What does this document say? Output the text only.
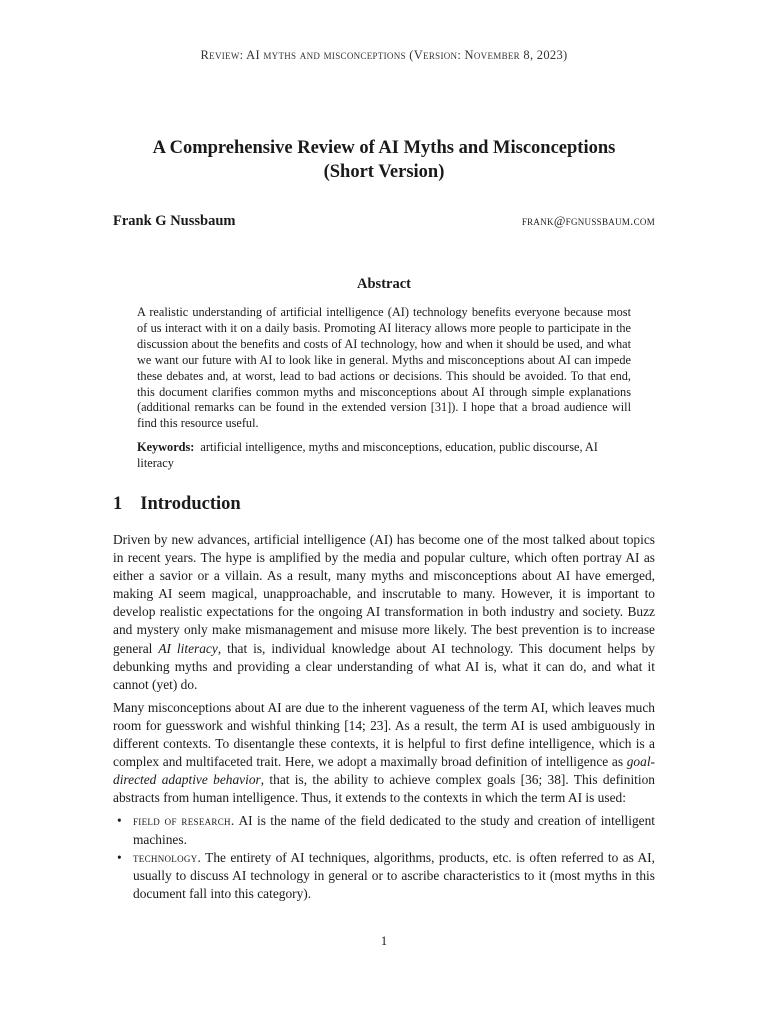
Review: AI myths and misconceptions (Version: November 8, 2023)
A Comprehensive Review of AI Myths and Misconceptions
(Short Version)
Frank G Nussbaum	frank@fgnussbaum.com
Abstract
A realistic understanding of artificial intelligence (AI) technology benefits everyone because most of us interact with it on a daily basis. Promoting AI literacy allows more people to participate in the discussion about the benefits and costs of AI technology, how and when it should be used, and what we want our future with AI to look like in general. Myths and misconceptions about AI can impede these debates and, at worst, lead to bad actions or decisions. This should be avoided. To that end, this document clarifies common myths and misconceptions about AI through simple explanations (additional remarks can be found in the extended version [31]). I hope that a broad audience will find this resource useful.
Keywords: artificial intelligence, myths and misconceptions, education, public discourse, AI literacy
1 Introduction

Driven by new advances, artificial intelligence (AI) has become one of the most talked about topics in recent years. The hype is amplified by the media and popular culture, which often portray AI as either a savior or a villain. As a result, many myths and misconceptions about AI have emerged, making AI seem magical, unapproachable, and inscrutable to many. However, it is important to develop realistic expectations for the ongoing AI transformation in both industry and society. Buzz and mystery only make mismanagement and misuse more likely. The best prevention is to increase general AI literacy, that is, individual knowledge about AI technology. This document helps by debunking myths and providing a clear understanding of what AI is, what it can do, and what it cannot (yet) do.

Many misconceptions about AI are due to the inherent vagueness of the term AI, which leaves much room for guesswork and wishful thinking [14; 23]. As a result, the term AI is used ambiguously in different contexts. To disentangle these contexts, it is helpful to first define intelligence, which is a complex and multifaceted trait. Here, we adopt a maximally broad definition of intelligence as goal-directed adaptive behavior, that is, the ability to achieve complex goals [36; 38]. This definition abstracts from human intelligence. Thus, it extends to the contexts in which the term AI is used:

• field of research. AI is the name of the field dedicated to the study and creation of intelligent machines.
• technology. The entirety of AI techniques, algorithms, products, etc. is often referred to as AI, usually to discuss AI technology in general or to ascribe characteristics to it (most myths in this document fall into this category).
1
